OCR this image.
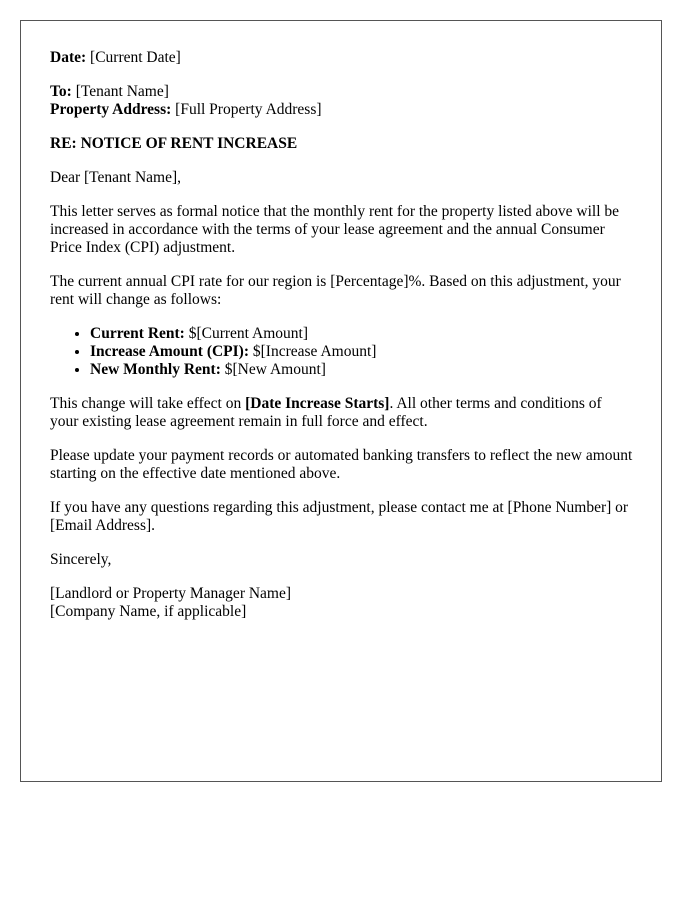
Date: [Current Date]

To: [Tenant Name]
Property Address: [Full Property Address]

RE: NOTICE OF RENT INCREASE

Dear [Tenant Name],

This letter serves as formal notice that the monthly rent for the property listed above will be increased in accordance with the terms of your lease agreement and the annual Consumer Price Index (CPI) adjustment.

The current annual CPI rate for our region is [Percentage]%. Based on this adjustment, your rent will change as follows:

• Current Rent: $[Current Amount]
• Increase Amount (CPI): $[Increase Amount]
• New Monthly Rent: $[New Amount]

This change will take effect on [Date Increase Starts]. All other terms and conditions of your existing lease agreement remain in full force and effect.

Please update your payment records or automated banking transfers to reflect the new amount starting on the effective date mentioned above.

If you have any questions regarding this adjustment, please contact me at [Phone Number] or [Email Address].

Sincerely,

[Landlord or Property Manager Name]
[Company Name, if applicable]
